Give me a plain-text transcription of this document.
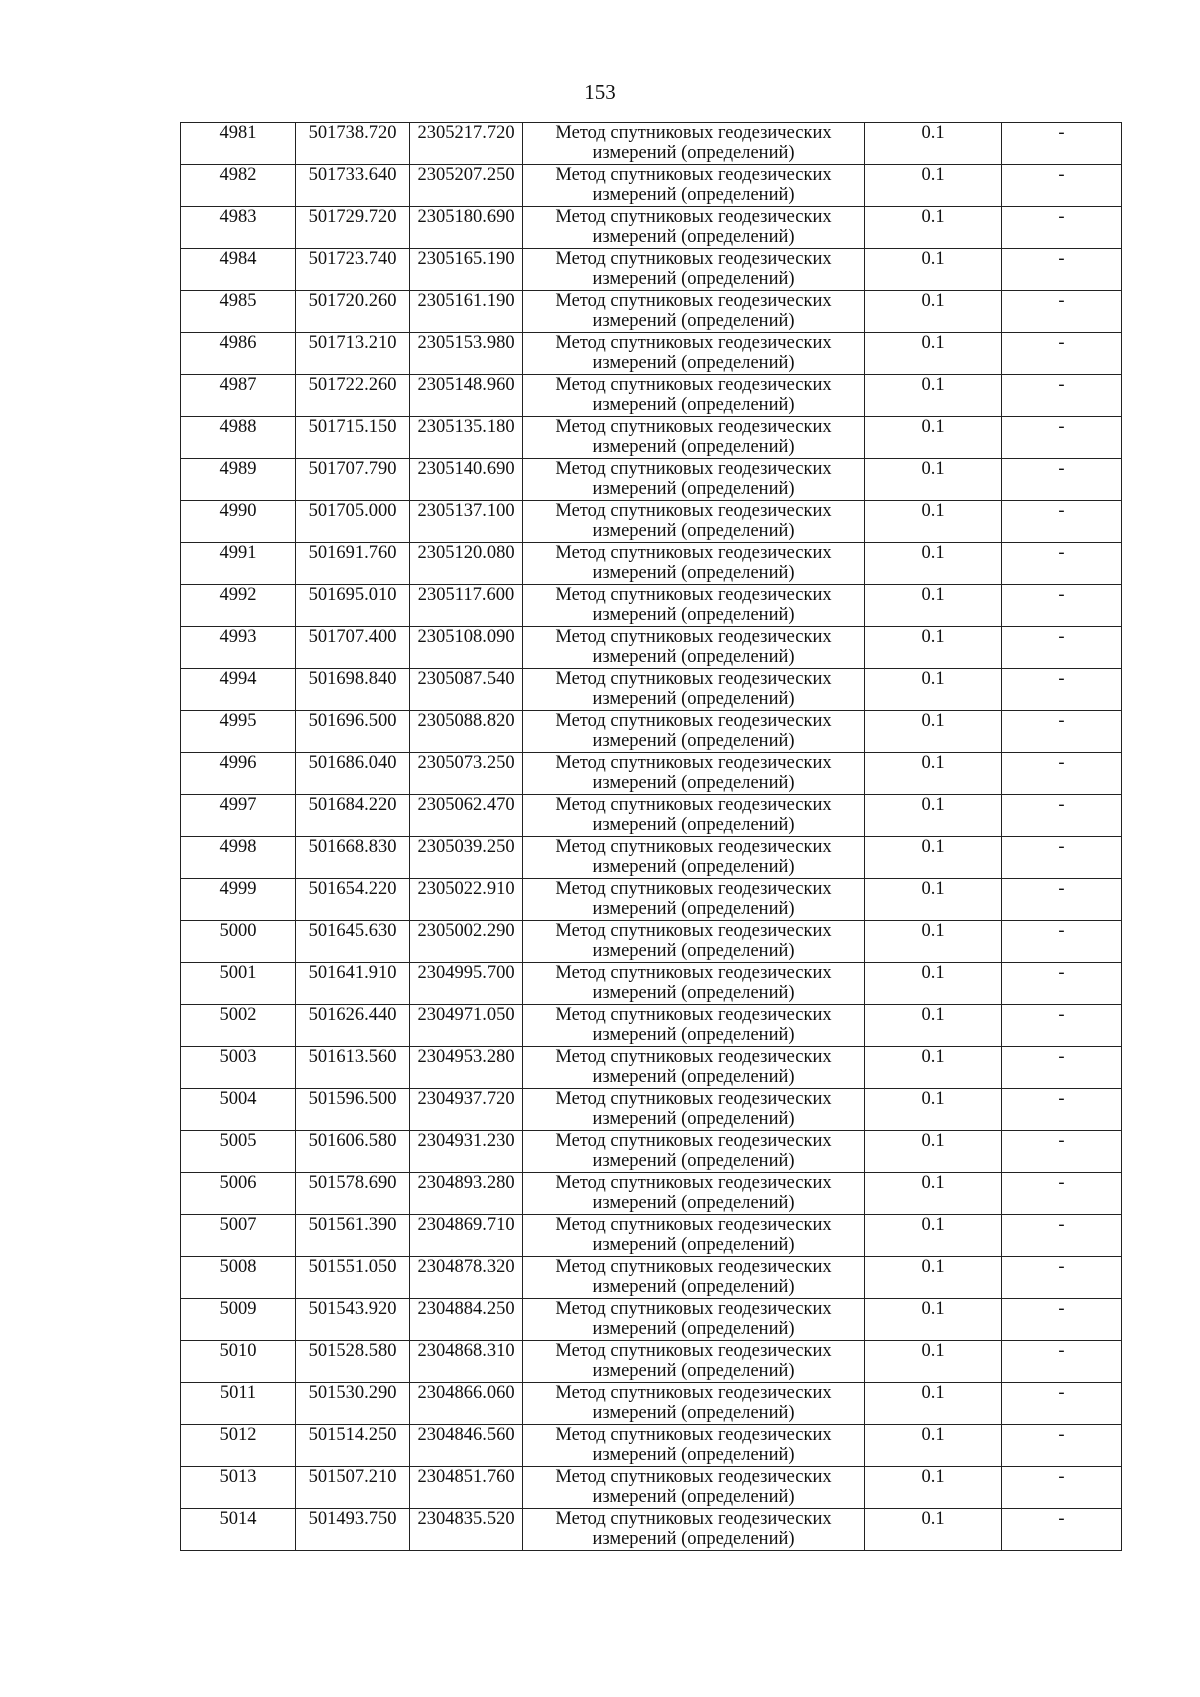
153
4981	501738.720	2305217.720	Метод спутниковых геодезических
измерений (определений)	0.1	-
4982	501733.640	2305207.250	Метод спутниковых геодезических
измерений (определений)	0.1	-
4983	501729.720	2305180.690	Метод спутниковых геодезических
измерений (определений)	0.1	-
4984	501723.740	2305165.190	Метод спутниковых геодезических
измерений (определений)	0.1	-
4985	501720.260	2305161.190	Метод спутниковых геодезических
измерений (определений)	0.1	-
4986	501713.210	2305153.980	Метод спутниковых геодезических
измерений (определений)	0.1	-
4987	501722.260	2305148.960	Метод спутниковых геодезических
измерений (определений)	0.1	-
4988	501715.150	2305135.180	Метод спутниковых геодезических
измерений (определений)	0.1	-
4989	501707.790	2305140.690	Метод спутниковых геодезических
измерений (определений)	0.1	-
4990	501705.000	2305137.100	Метод спутниковых геодезических
измерений (определений)	0.1	-
4991	501691.760	2305120.080	Метод спутниковых геодезических
измерений (определений)	0.1	-
4992	501695.010	2305117.600	Метод спутниковых геодезических
измерений (определений)	0.1	-
4993	501707.400	2305108.090	Метод спутниковых геодезических
измерений (определений)	0.1	-
4994	501698.840	2305087.540	Метод спутниковых геодезических
измерений (определений)	0.1	-
4995	501696.500	2305088.820	Метод спутниковых геодезических
измерений (определений)	0.1	-
4996	501686.040	2305073.250	Метод спутниковых геодезических
измерений (определений)	0.1	-
4997	501684.220	2305062.470	Метод спутниковых геодезических
измерений (определений)	0.1	-
4998	501668.830	2305039.250	Метод спутниковых геодезических
измерений (определений)	0.1	-
4999	501654.220	2305022.910	Метод спутниковых геодезических
измерений (определений)	0.1	-
5000	501645.630	2305002.290	Метод спутниковых геодезических
измерений (определений)	0.1	-
5001	501641.910	2304995.700	Метод спутниковых геодезических
измерений (определений)	0.1	-
5002	501626.440	2304971.050	Метод спутниковых геодезических
измерений (определений)	0.1	-
5003	501613.560	2304953.280	Метод спутниковых геодезических
измерений (определений)	0.1	-
5004	501596.500	2304937.720	Метод спутниковых геодезических
измерений (определений)	0.1	-
5005	501606.580	2304931.230	Метод спутниковых геодезических
измерений (определений)	0.1	-
5006	501578.690	2304893.280	Метод спутниковых геодезических
измерений (определений)	0.1	-
5007	501561.390	2304869.710	Метод спутниковых геодезических
измерений (определений)	0.1	-
5008	501551.050	2304878.320	Метод спутниковых геодезических
измерений (определений)	0.1	-
5009	501543.920	2304884.250	Метод спутниковых геодезических
измерений (определений)	0.1	-
5010	501528.580	2304868.310	Метод спутниковых геодезических
измерений (определений)	0.1	-
5011	501530.290	2304866.060	Метод спутниковых геодезических
измерений (определений)	0.1	-
5012	501514.250	2304846.560	Метод спутниковых геодезических
измерений (определений)	0.1	-
5013	501507.210	2304851.760	Метод спутниковых геодезических
измерений (определений)	0.1	-
5014	501493.750	2304835.520	Метод спутниковых геодезических
измерений (определений)	0.1	-
